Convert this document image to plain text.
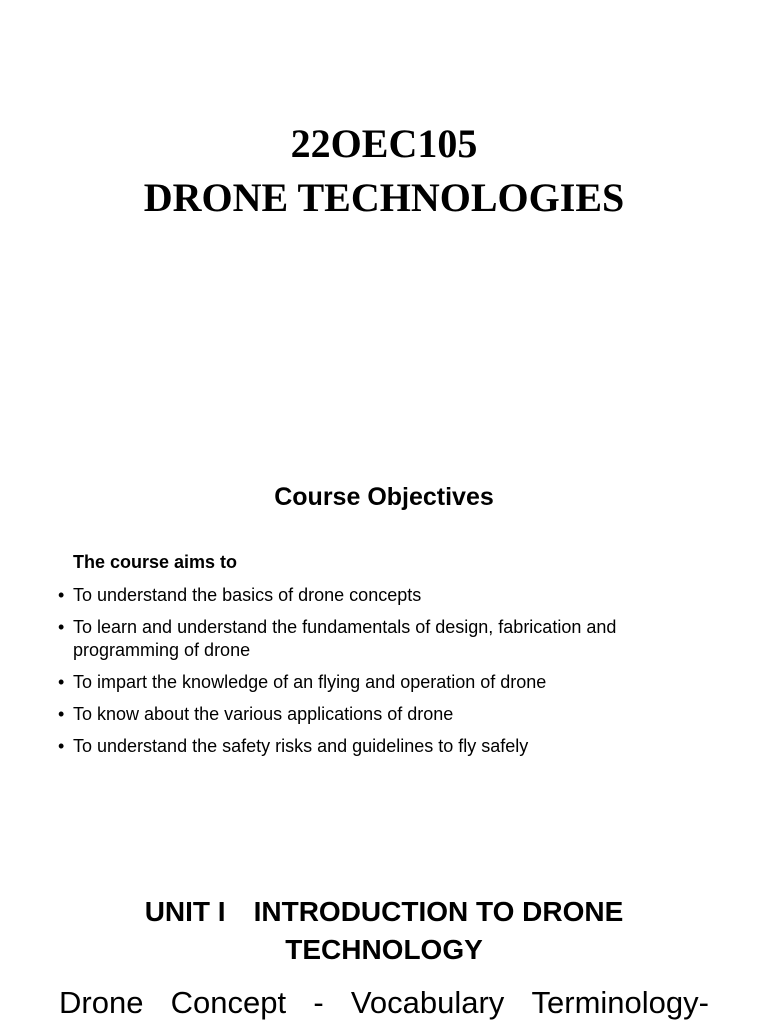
22OEC105
DRONE TECHNOLOGIES
Course Objectives
The course aims to
• To understand the basics of drone concepts
• To learn and understand the fundamentals of design, fabrication and programming of drone
• To impart the knowledge of an flying and operation of drone
• To know about the various applications of drone
• To understand the safety risks and guidelines to fly safely
UNIT I INTRODUCTION TO DRONE
TECHNOLOGY
Drone Concept - Vocabulary Terminology-
